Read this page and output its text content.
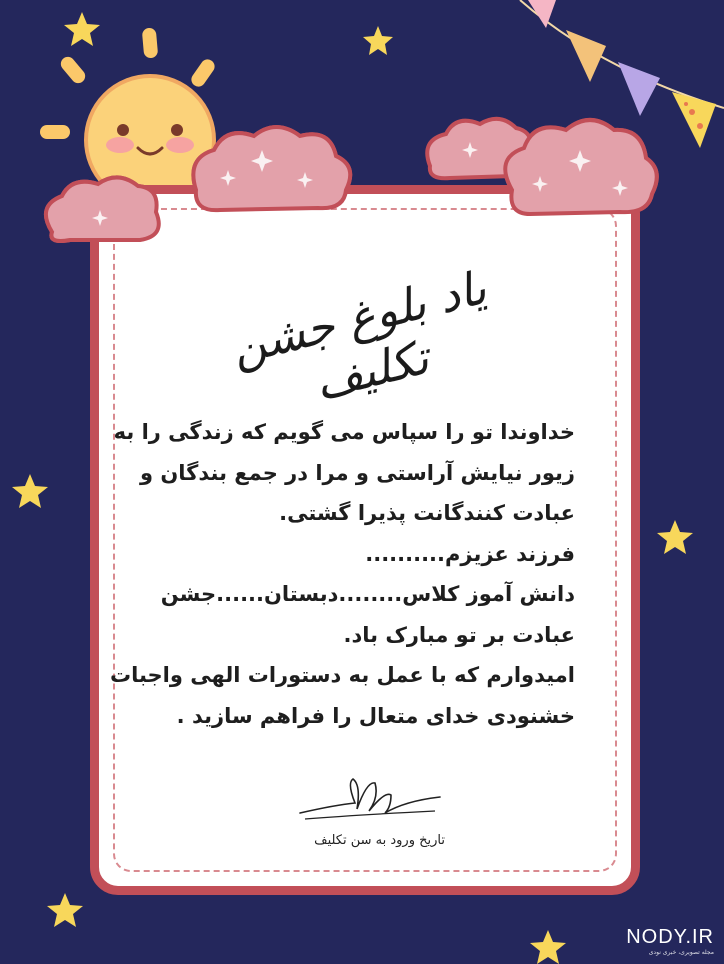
یاد بلوغ جشن تکلیف
خداوندا تو را سپاس می گویم که زندگی را به
زیور نیایش آراستی و مرا در جمع بندگان و
عبادت کنندگانت پذیرا گشتی.
فرزند عزیزم..........
دانش آموز کلاس........دبستان......جشن
عبادت بر تو مبارک باد.
امیدوارم که با عمل به دستورات الهی واجبات
خشنودی خدای متعال را فراهم سازید .
تاریخ ورود به سن تکلیف
NODY.IR
مجله تصویری، خبری نودی
